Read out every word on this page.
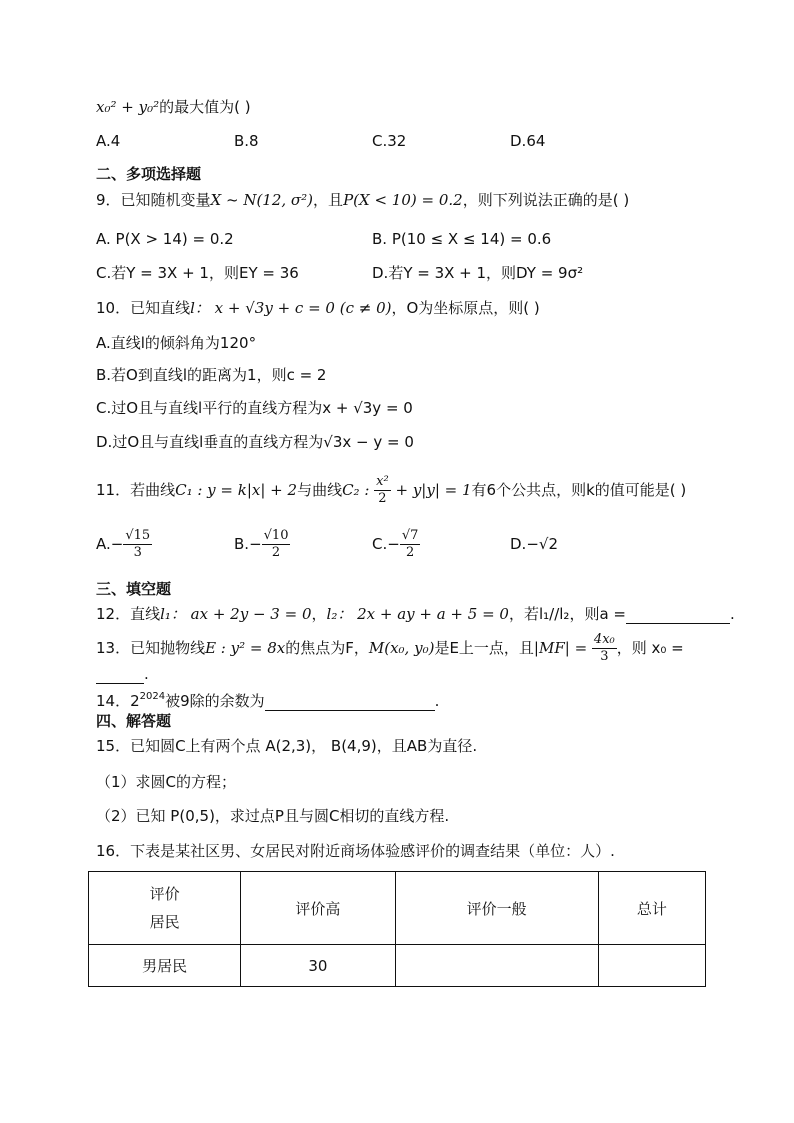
x₀² + y₀²的最大值为( )
A.4	B.8	C.32	D.64
二、多项选择题
9．已知随机变量X ~ N(12, σ²)，且P(X < 10) = 0.2，则下列说法正确的是( )
A. P(X > 14) = 0.2	B. P(10 ≤ X ≤ 14) = 0.6
C.若Y = 3X + 1，则EY = 36	D.若Y = 3X + 1，则DY = 9σ²
10．已知直线l： x + √3y + c = 0 (c ≠ 0)，O为坐标原点，则( )
A.直线l的倾斜角为120°
B.若O到直线l的距离为1，则c = 2
C.过O且与直线l平行的直线方程为x + √3y = 0
D.过O且与直线l垂直的直线方程为√3x − y = 0
11．若曲线C₁ : y = k|x| + 2与曲线C₂ : $\frac{\text{x²}}{2} + y|y| = 1$有6个公共点，则k的值可能是( )
$A.- \frac{√15}{3}$	$B.- \frac{√10}{2}$	$C.- \frac{√7}{2}$	D.−√2
三、填空题
12．直线l₁： ax + 2y − 3 = 0，l₂： 2x + ay + a + 5 = 0，若l₁//l₂，则a =	.
13．已知抛物线E : y² = 8x的焦点为F，M(x₀, y₀)是E上一点，且$|MF| = \frac{\text{4x₀}}{3}$ ，则 x₀ =
.
14．$2^{2024}$被9除的余数为	.
四、解答题
15．已知圆C上有两个点 A(2,3)， B(4,9)，且AB为直径.
（1）求圆C的方程；
（2）已知 P(0,5)，求过点P且与圆C相切的直线方程.
16．下表是某社区男、女居民对附近商场体验感评价的调查结果（单位：人）.
评价
居民	评价高	评价一般	总计
男居民	30		
